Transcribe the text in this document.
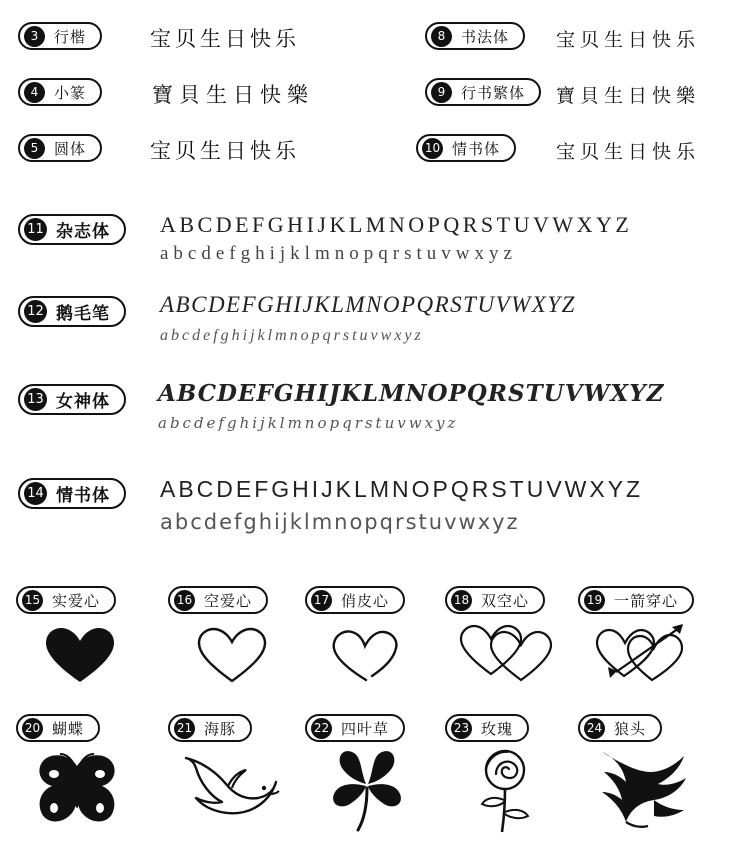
3	行楷	宝贝生日快乐	8	书法体 宝贝生日快乐
4	小篆	寶貝生日快樂	9	行书繁体 寶貝生日快樂
5	圆体	宝贝生日快乐	10 情书体	宝贝生日快乐
11 杂志体 ABCDEFGHIJKLMNOPQRSTUVWXYZ
abcdefghijklmnopqrstuvwxyz
12 鹅毛笔 ABCDEFGHIJKLMNOPQRSTUVWXYZ
abcdefghijklmnopqrstuvwxyz
13 女神体 ABCDEFGHIJKLMNOPQRSTUVWXYZ
abcdefghijklmnopqrstuvwxyz
14 情书体 ABCDEFGHIJKLMNOPQRSTUVWXYZ
abcdefghijklmnopqrstuvwxyz
15 实爱心	16 空爱心	17 俏皮心	18 双空心	19 一箭穿心
20 蝴蝶	21 海豚	22 四叶草	23 玫瑰	24 狼头
